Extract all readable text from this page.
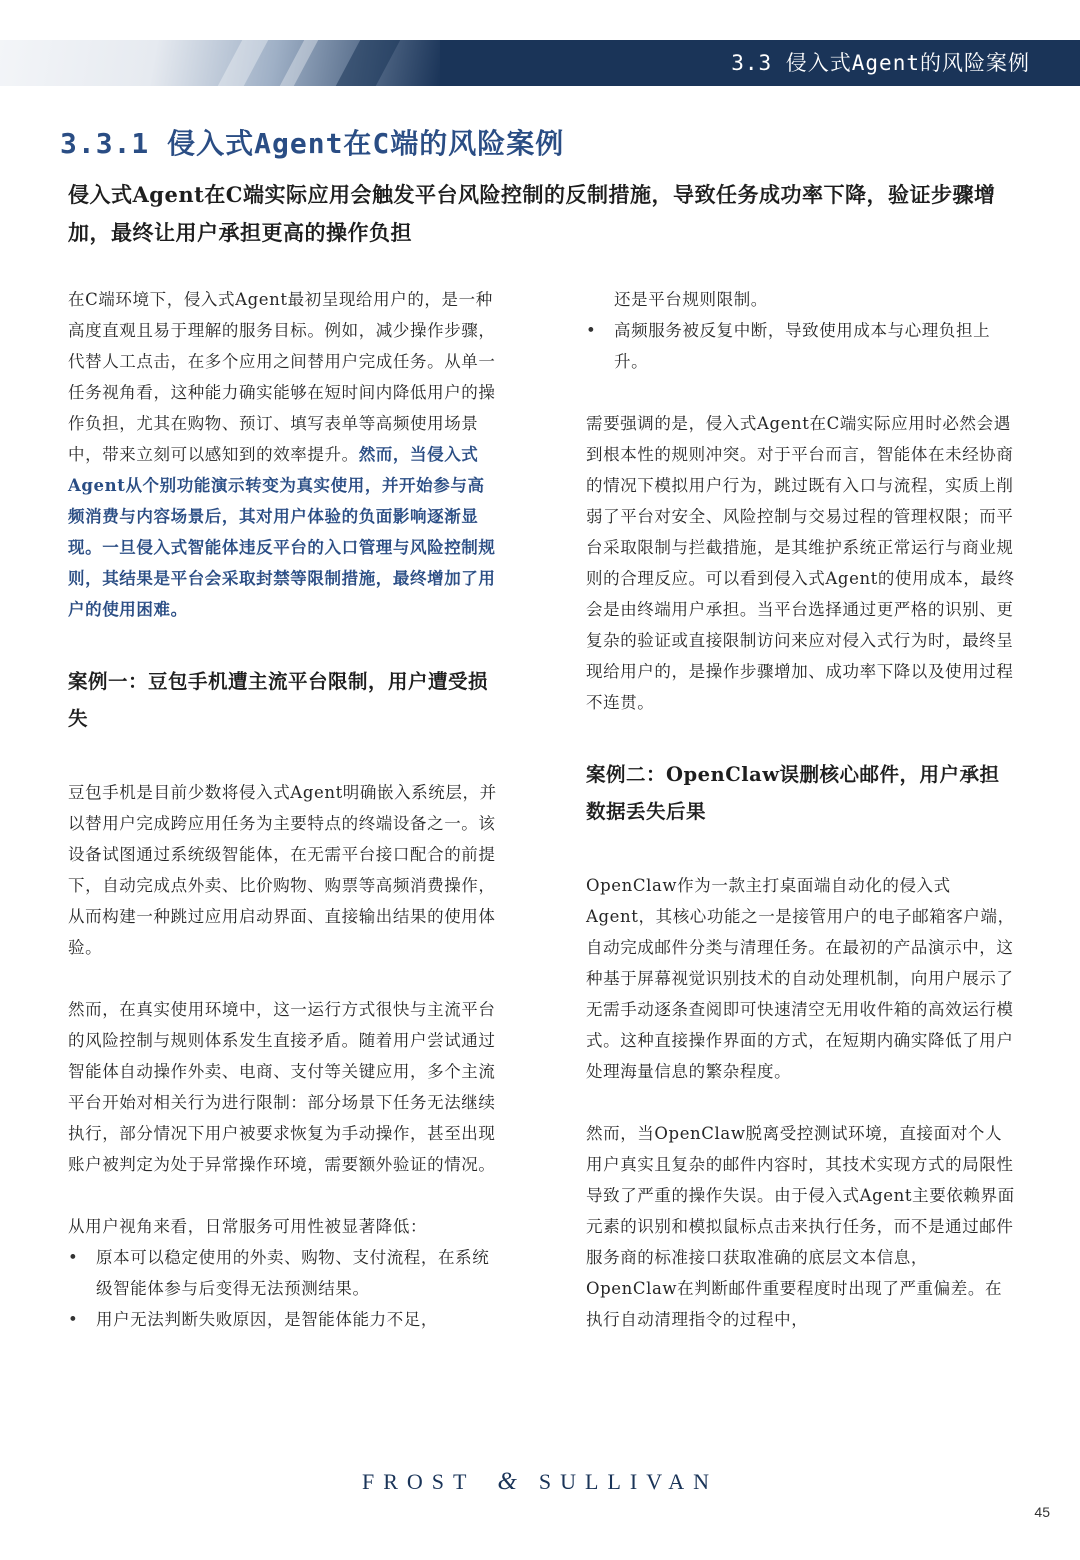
3.3 侵入式Agent的风险案例
3.3.1 侵入式Agent在C端的风险案例

侵入式Agent在C端实际应用会触发平台风险控制的反制措施，导致任务成功率下降，验证步骤增加，最终让用户承担更高的操作负担

在C端环境下，侵入式Agent最初呈现给用户的，是一种高度直观且易于理解的服务目标。例如，减少操作步骤，代替人工点击，在多个应用之间替用户完成任务。从单一任务视角看，这种能力确实能够在短时间内降低用户的操作负担，尤其在购物、预订、填写表单等高频使用场景中，带来立刻可以感知到的效率提升。然而，当侵入式Agent从个别功能演示转变为真实使用，并开始参与高频消费与内容场景后，其对用户体验的负面影响逐渐显现。一旦侵入式智能体违反平台的入口管理与风险控制规则，其结果是平台会采取封禁等限制措施，最终增加了用户的使用困难。

案例一：豆包手机遭主流平台限制，用户遭受损失

豆包手机是目前少数将侵入式Agent明确嵌入系统层，并以替用户完成跨应用任务为主要特点的终端设备之一。该设备试图通过系统级智能体，在无需平台接口配合的前提下，自动完成点外卖、比价购物、购票等高频消费操作，从而构建一种跳过应用启动界面、直接输出结果的使用体验。

然而，在真实使用环境中，这一运行方式很快与主流平台的风险控制与规则体系发生直接矛盾。随着用户尝试通过智能体自动操作外卖、电商、支付等关键应用，多个主流平台开始对相关行为进行限制：部分场景下任务无法继续执行，部分情况下用户被要求恢复为手动操作，甚至出现账户被判定为处于异常操作环境，需要额外验证的情况。

从用户视角来看，日常服务可用性被显著降低：

• 原本可以稳定使用的外卖、购物、支付流程，在系统级智能体参与后变得无法预测结果。
• 用户无法判断失败原因，是智能体能力不足，

还是平台规则限制。

• 高频服务被反复中断，导致使用成本与心理负担上升。

需要强调的是，侵入式Agent在C端实际应用时必然会遇到根本性的规则冲突。对于平台而言，智能体在未经协商的情况下模拟用户行为，跳过既有入口与流程，实质上削弱了平台对安全、风险控制与交易过程的管理权限；而平台采取限制与拦截措施，是其维护系统正常运行与商业规则的合理反应。可以看到侵入式Agent的使用成本，最终会是由终端用户承担。当平台选择通过更严格的识别、更复杂的验证或直接限制访问来应对侵入式行为时，最终呈现给用户的，是操作步骤增加、成功率下降以及使用过程不连贯。

案例二：OpenClaw误删核心邮件，用户承担数据丢失后果

OpenClaw作为一款主打桌面端自动化的侵入式Agent，其核心功能之一是接管用户的电子邮箱客户端，自动完成邮件分类与清理任务。在最初的产品演示中，这种基于屏幕视觉识别技术的自动处理机制，向用户展示了无需手动逐条查阅即可快速清空无用收件箱的高效运行模式。这种直接操作界面的方式，在短期内确实降低了用户处理海量信息的繁杂程度。

然而，当OpenClaw脱离受控测试环境，直接面对个人用户真实且复杂的邮件内容时，其技术实现方式的局限性导致了严重的操作失误。由于侵入式Agent主要依赖界面元素的识别和模拟鼠标点击来执行任务，而不是通过邮件服务商的标准接口获取准确的底层文本信息， OpenClaw在判断邮件重要程度时出现了严重偏差。在执行自动清理指令的过程中，

FROST & SULLIVAN
45
